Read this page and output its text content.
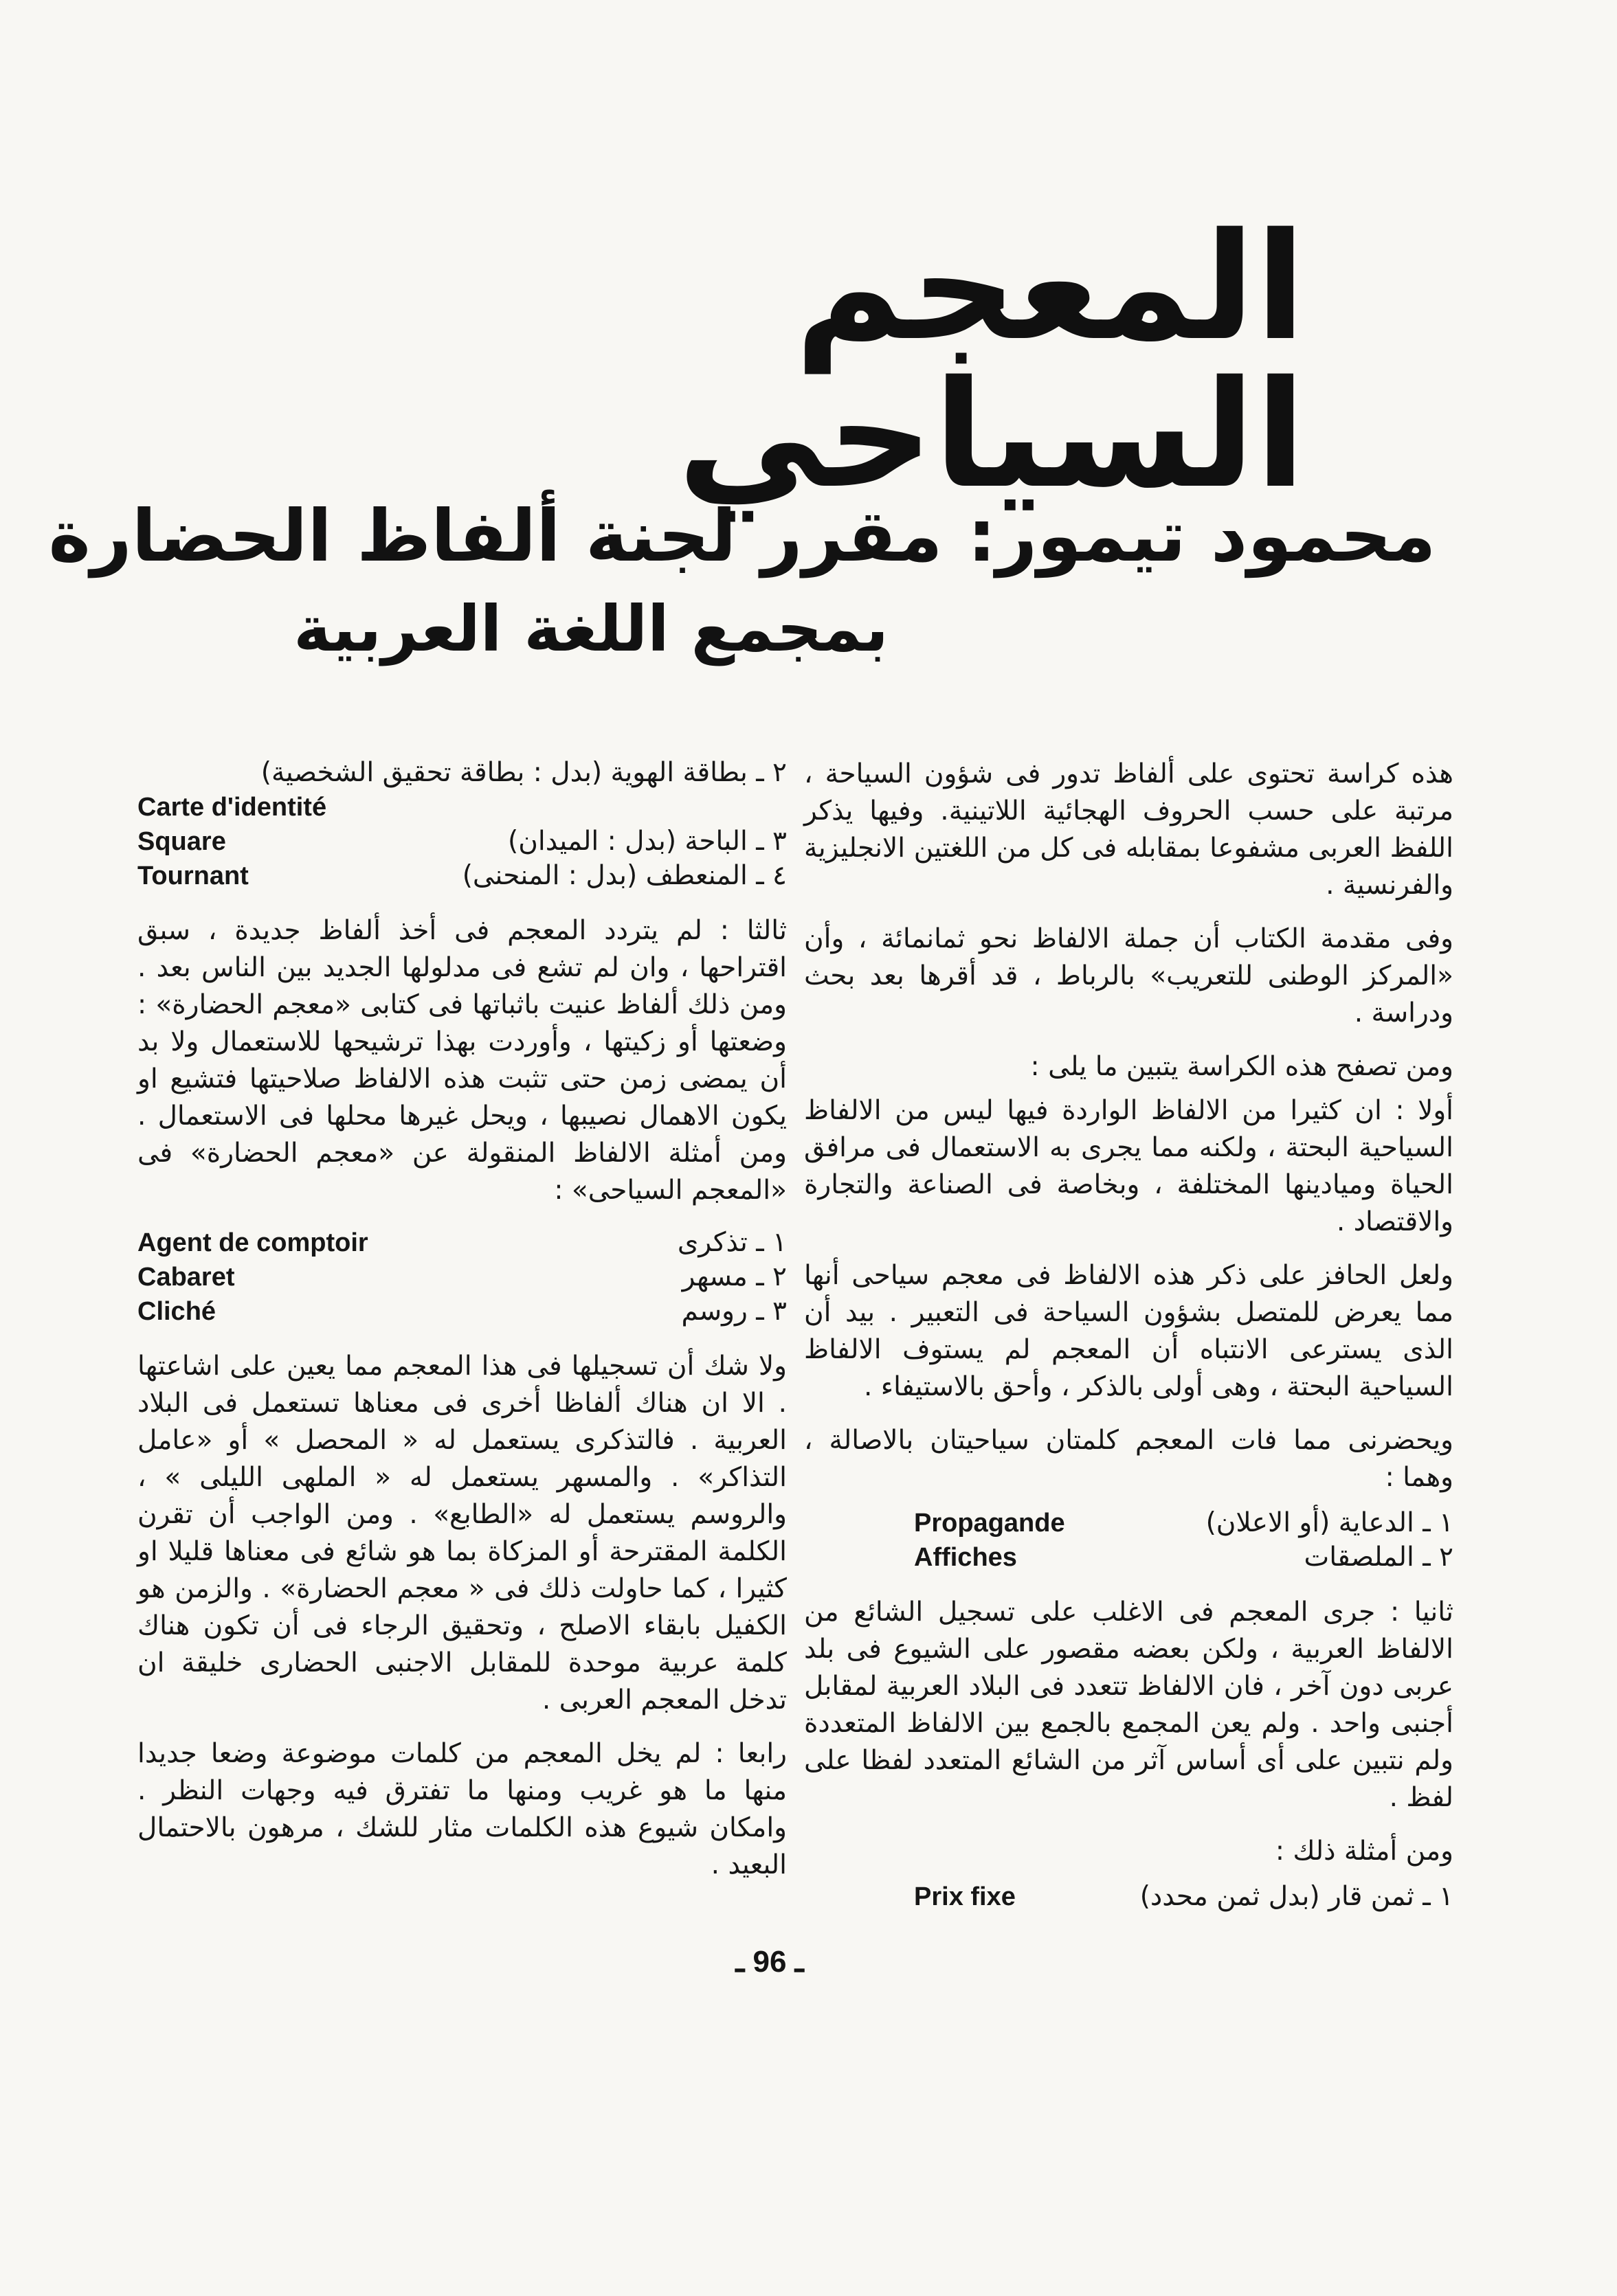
المعجم السياحي
محمود تيمور: مقرر لجنة ألفاظ الحضارة
بمجمع اللغة العربية

هذه كراسة تحتوى على ألفاظ تدور فى شؤون السياحة ، مرتبة على حسب الحروف الهجائية اللاتينية. وفيها يذكر اللفظ العربى مشفوعا بمقابله فى كل من اللغتين الانجليزية والفرنسية .

وفى مقدمة الكتاب أن جملة الالفاظ نحو ثمانمائة ، وأن «المركز الوطنى للتعريب» بالرباط ، قد أقرها بعد بحث ودراسة .

ومن تصفح هذه الكراسة يتبين ما يلى :

أولا : ان كثيرا من الالفاظ الواردة فيها ليس من الالفاظ السياحية البحتة ، ولكنه مما يجرى به الاستعمال فى مرافق الحياة وميادينها المختلفة ، وبخاصة فى الصناعة والتجارة والاقتصاد .

ولعل الحافز على ذكر هذه الالفاظ فى معجم سياحى أنها مما يعرض للمتصل بشؤون السياحة فى التعبير . بيد أن الذى يسترعى الانتباه أن المعجم لم يستوف الالفاظ السياحية البحتة ، وهى أولى بالذكر ، وأحق بالاستيفاء .

ويحضرنى مما فات المعجم كلمتان سياحيتان بالاصالة ، وهما :

١ ـ الدعاية (أو الاعلان)
Propagande
٢ ـ الملصقات
Affiches

ثانيا : جرى المعجم فى الاغلب على تسجيل الشائع من الالفاظ العربية ، ولكن بعضه مقصور على الشيوع فى بلد عربى دون آخر ، فان الالفاظ تتعدد فى البلاد العربية لمقابل أجنبى واحد . ولم يعن المجمع بالجمع بين الالفاظ المتعددة ولم نتبين على أى أساس آثر من الشائع المتعدد لفظا على لفظ .

ومن أمثلة ذلك :

١ ـ ثمن قار (بدل ثمن محدد)
Prix fixe
٢ ـ بطاقة الهوية (بدل : بطاقة تحقيق الشخصية)
Carte d'identité
٣ ـ الباحة (بدل : الميدان)
Square
٤ ـ المنعطف (بدل : المنحنى)
Tournant

ثالثا : لم يتردد المعجم فى أخذ ألفاظ جديدة ، سبق اقتراحها ، وان لم تشع فى مدلولها الجديد بين الناس بعد . ومن ذلك ألفاظ عنيت باثباتها فى كتابى «معجم الحضارة» : وضعتها أو زكيتها ، وأوردت بهذا ترشيحها للاستعمال ولا بد أن يمضى زمن حتى تثبت هذه الالفاظ صلاحيتها فتشيع او يكون الاهمال نصيبها ، ويحل غيرها محلها فى الاستعمال . ومن أمثلة الالفاظ المنقولة عن «معجم الحضارة» فى «المعجم السياحى» :

١ ـ تذكرى
Agent de comptoir
٢ ـ مسهر
Cabaret
٣ ـ روسم
Cliché

ولا شك أن تسجيلها فى هذا المعجم مما يعين على اشاعتها . الا ان هناك ألفاظا أخرى فى معناها تستعمل فى البلاد العربية . فالتذكرى يستعمل له « المحصل » أو «عامل التذاكر» . والمسهر يستعمل له « الملهى الليلى » ، والروسم يستعمل له «الطابع» . ومن الواجب أن تقرن الكلمة المقترحة أو المزكاة بما هو شائع فى معناها قليلا او كثيرا ، كما حاولت ذلك فى « معجم الحضارة» . والزمن هو الكفيل بابقاء الاصلح ، وتحقيق الرجاء فى أن تكون هناك كلمة عربية موحدة للمقابل الاجنبى الحضارى خليقة ان تدخل المعجم العربى .

رابعا : لم يخل المعجم من كلمات موضوعة وضعا جديدا منها ما هو غريب ومنها ما تفترق فيه وجهات النظر . وامكان شيوع هذه الكلمات مثار للشك ، مرهون بالاحتمال البعيد .

ـ 96 ـ
